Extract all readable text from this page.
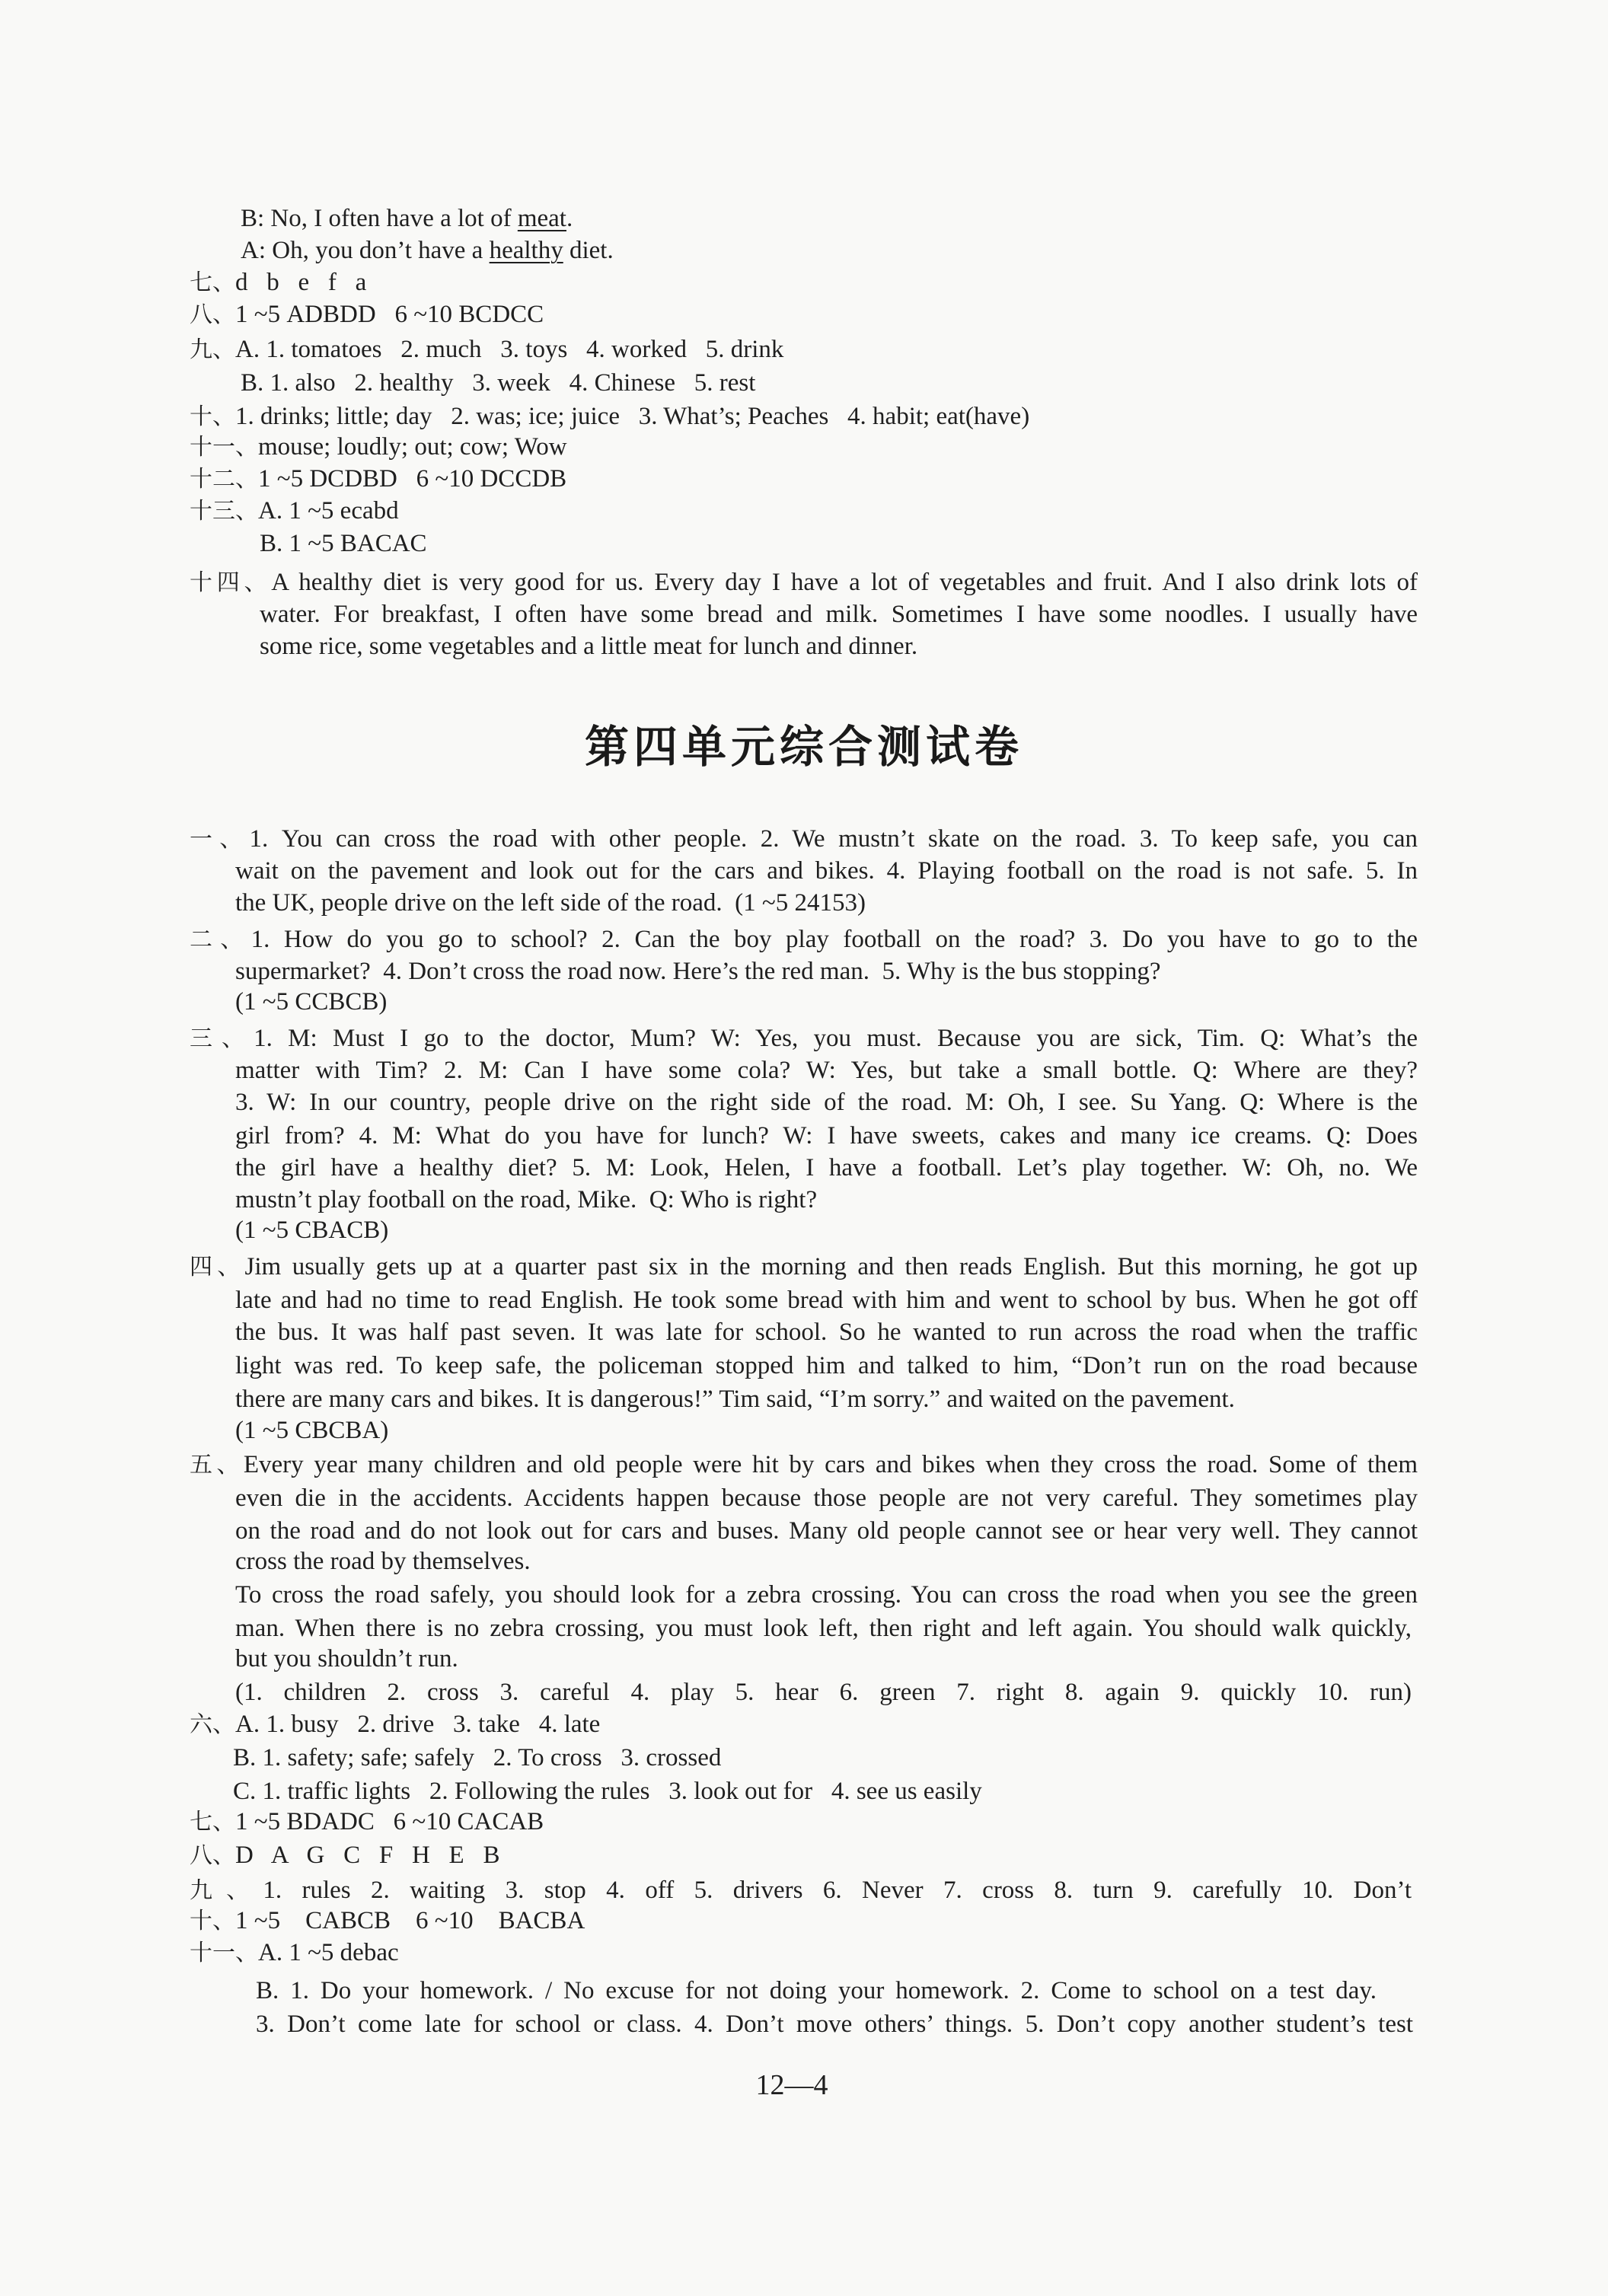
B: No, I often have a lot of meat.
A: Oh, you don’t have a healthy diet.
七、d   b   e   f   a
八、1 ~5 ADBDD   6 ~10 BCDCC
九、A. 1. tomatoes   2. much   3. toys   4. worked   5. drink
B. 1. also   2. healthy   3. week   4. Chinese   5. rest
十、1. drinks; little; day   2. was; ice; juice   3. What’s; Peaches   4. habit; eat(have)
十一、mouse; loudly; out; cow; Wow
十二、1 ~5 DCDBD   6 ~10 DCCDB
十三、A. 1 ~5 ecabd
B. 1 ~5 BACAC
十四、A healthy diet is very good for us. Every day I have a lot of vegetables and fruit. And I also drink lots of
water. For breakfast, I often have some bread and milk. Sometimes I have some noodles. I usually have
some rice, some vegetables and a little meat for lunch and dinner.
第四单元综合测试卷
一、1. You can cross the road with other people. 2. We mustn’t skate on the road. 3. To keep safe, you can
wait on the pavement and look out for the cars and bikes. 4. Playing football on the road is not safe. 5. In
the UK, people drive on the left side of the road.  (1 ~5 24153)
二、1. How do you go to school? 2. Can the boy play football on the road? 3. Do you have to go to the
supermarket?  4. Don’t cross the road now. Here’s the red man.  5. Why is the bus stopping?
(1 ~5 CCBCB)
三、1. M: Must I go to the doctor, Mum? W: Yes, you must. Because you are sick, Tim. Q: What’s the
matter with Tim? 2. M: Can I have some cola? W: Yes, but take a small bottle. Q: Where are they?
3. W: In our country, people drive on the right side of the road. M: Oh, I see. Su Yang. Q: Where is the
girl from? 4. M: What do you have for lunch? W: I have sweets, cakes and many ice creams. Q: Does
the girl have a healthy diet? 5. M: Look, Helen, I have a football. Let’s play together. W: Oh, no. We
mustn’t play football on the road, Mike.  Q: Who is right?
(1 ~5 CBACB)
四、Jim usually gets up at a quarter past six in the morning and then reads English. But this morning, he got up
late and had no time to read English. He took some bread with him and went to school by bus. When he got off
the bus. It was half past seven. It was late for school. So he wanted to run across the road when the traffic
light was red. To keep safe, the policeman stopped him and talked to him, “Don’t run on the road because
there are many cars and bikes. It is dangerous!” Tim said, “I’m sorry.” and waited on the pavement.
(1 ~5 CBCBA)
五、Every year many children and old people were hit by cars and bikes when they cross the road. Some of them
even die in the accidents. Accidents happen because those people are not very careful. They sometimes play
on the road and do not look out for cars and buses. Many old people cannot see or hear very well. They cannot
cross the road by themselves.
To cross the road safely, you should look for a zebra crossing. You can cross the road when you see the green
man. When there is no zebra crossing, you must look left, then right and left again. You should walk quickly,
but you shouldn’t run.
(1. children 2. cross 3. careful 4. play 5. hear 6. green 7. right 8. again 9. quickly 10. run)
六、A. 1. busy   2. drive   3. take   4. late
B. 1. safety; safe; safely   2. To cross   3. crossed
C. 1. traffic lights   2. Following the rules   3. look out for   4. see us easily
七、1 ~5 BDADC   6 ~10 CACAB
八、D   A   G   C   F   H   E   B
九、1. rules 2. waiting 3. stop 4. off 5. drivers 6. Never 7. cross 8. turn 9. carefully 10. Don’t
十、1 ~5    CABCB    6 ~10    BACBA
十一、A. 1 ~5 debac
B. 1. Do your homework. / No excuse for not doing your homework. 2. Come to school on a test day.
3. Don’t come late for school or class. 4. Don’t move others’ things. 5. Don’t copy another student’s test
12—4
